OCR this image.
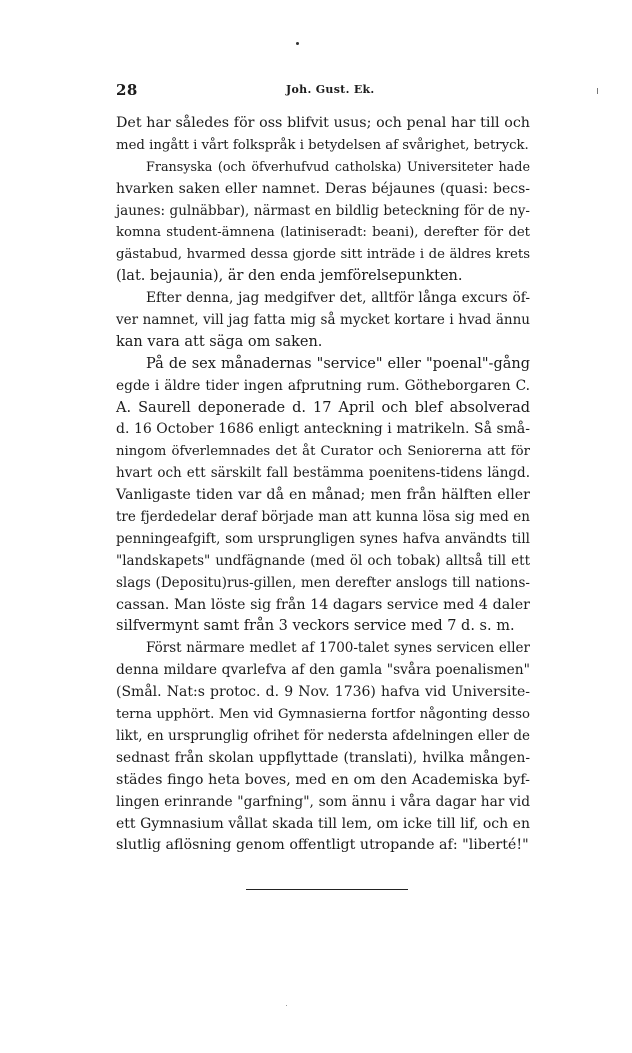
28	Joh. Gust. Ek.
Det har således för oss blifvit usus; och penal har till och
med ingått i vårt folkspråk i betydelsen af svårighet, betryck.
Fransyska (och öfverhufvud catholska) Universiteter hade
hvarken saken eller namnet. Deras béjaunes (quasi: becs-
jaunes: gulnäbbar), närmast en bildlig beteckning för de ny-
komna student-ämnena (latiniseradt: beani), derefter för det
gästabud, hvarmed dessa gjorde sitt inträde i de äldres krets
(lat. bejaunia), är den enda jemförelsepunkten.
Efter denna, jag medgifver det, alltför långa excurs öf-
ver namnet, vill jag fatta mig så mycket kortare i hvad ännu
kan vara att säga om saken.
På de sex månadernas "service" eller "poenal"-gång
egde i äldre tider ingen afprutning rum. Götheborgaren C.
A. Saurell deponerade d. 17 April och blef absolverad
d. 16 October 1686 enligt anteckning i matrikeln. Så små-
ningom öfverlemnades det åt Curator och Seniorerna att för
hvart och ett särskilt fall bestämma poenitens-tidens längd.
Vanligaste tiden var då en månad; men från hälften eller
tre fjerdedelar deraf började man att kunna lösa sig med en
penningeafgift, som ursprungligen synes hafva användts till
"landskapets" undfägnande (med öl och tobak) alltså till ett
slags (Depositu)rus-gillen, men derefter anslogs till nations-
cassan. Man löste sig från 14 dagars service med 4 daler
silfvermynt samt från 3 veckors service med 7 d. s. m.
Först närmare medlet af 1700-talet synes servicen eller
denna mildare qvarlefva af den gamla "svåra poenalismen"
(Smål. Nat:s protoc. d. 9 Nov. 1736) hafva vid Universite-
terna upphört. Men vid Gymnasierna fortfor någonting desso
likt, en ursprunglig ofrihet för nedersta afdelningen eller de
sednast från skolan uppflyttade (translati), hvilka mången-
städes fingo heta boves, med en om den Academiska byf-
lingen erinrande "garfning", som ännu i våra dagar har vid
ett Gymnasium vållat skada till lem, om icke till lif, och en
slutlig aflösning genom offentligt utropande af: "liberté!"
